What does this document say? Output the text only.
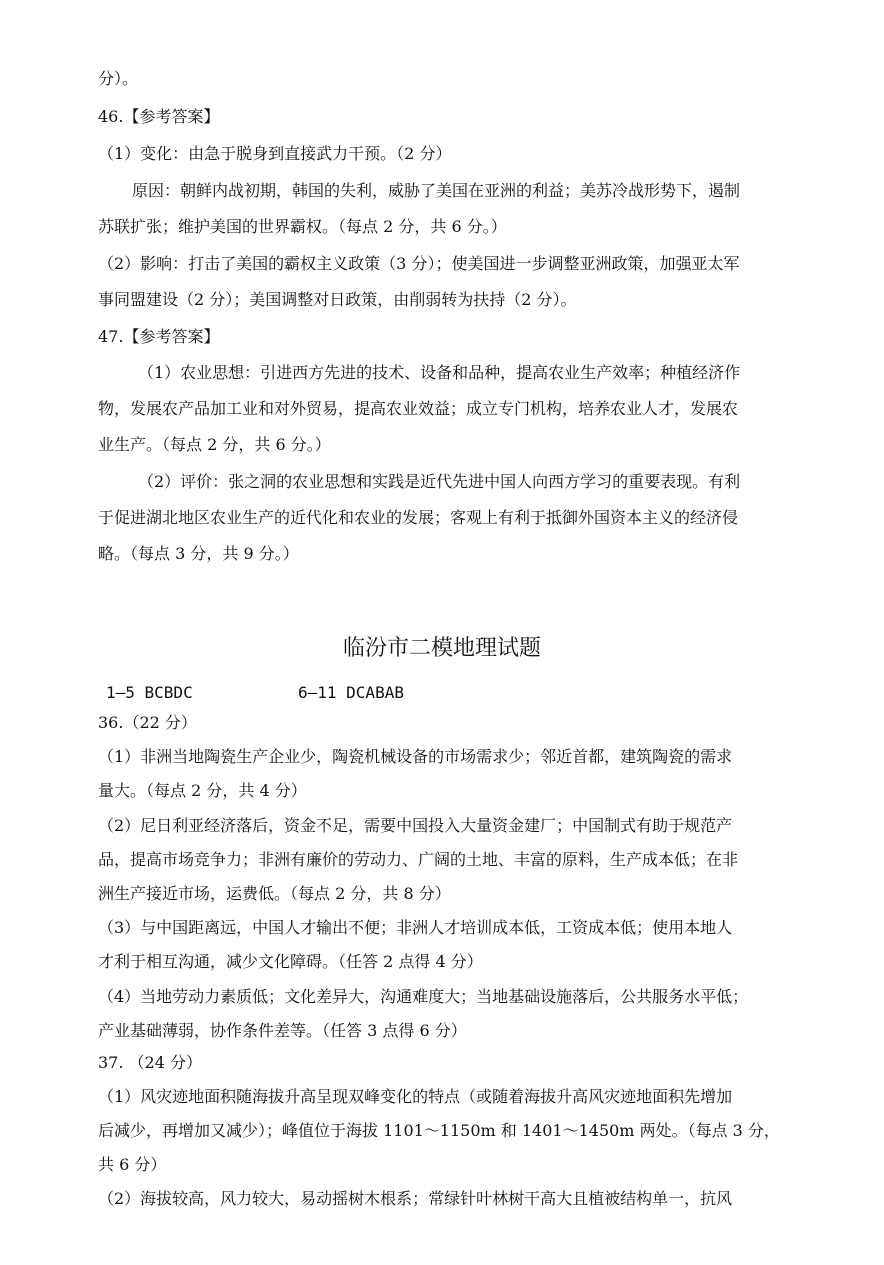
分）。
46.【参考答案】
（1）变化：由急于脱身到直接武力干预。（2 分）
原因：朝鲜内战初期，韩国的失利，威胁了美国在亚洲的利益；美苏冷战形势下，遏制
苏联扩张；维护美国的世界霸权。（每点 2 分，共 6 分。）
（2）影响：打击了美国的霸权主义政策（3 分）；使美国进一步调整亚洲政策，加强亚太军
事同盟建设（2 分）；美国调整对日政策，由削弱转为扶持（2 分）。
47.【参考答案】
（1）农业思想：引进西方先进的技术、设备和品种，提高农业生产效率；种植经济作
物，发展农产品加工业和对外贸易，提高农业效益；成立专门机构，培养农业人才，发展农
业生产。（每点 2 分，共 6 分。）
（2）评价：张之洞的农业思想和实践是近代先进中国人向西方学习的重要表现。有利
于促进湖北地区农业生产的近代化和农业的发展；客观上有利于抵御外国资本主义的经济侵
略。（每点 3 分，共 9 分。）
临汾市二模地理试题
1—5 BCBDC	6—11 DCABAB
36.（22 分）
（1）非洲当地陶瓷生产企业少，陶瓷机械设备的市场需求少；邻近首都，建筑陶瓷的需求
量大。（每点 2 分，共 4 分）
（2）尼日利亚经济落后，资金不足，需要中国投入大量资金建厂；中国制式有助于规范产
品，提高市场竞争力；非洲有廉价的劳动力、广阔的土地、丰富的原料，生产成本低；在非
洲生产接近市场，运费低。（每点 2 分，共 8 分）
（3）与中国距离远，中国人才输出不便；非洲人才培训成本低，工资成本低；使用本地人
才利于相互沟通，减少文化障碍。（任答 2 点得 4 分）
（4）当地劳动力素质低；文化差异大，沟通难度大；当地基础设施落后，公共服务水平低；
产业基础薄弱，协作条件差等。（任答 3 点得 6 分）
37. （24 分）
（1）风灾迹地面积随海拔升高呈现双峰变化的特点（或随着海拔升高风灾迹地面积先增加
后减少，再增加又减少）；峰值位于海拔 1101～1150m 和 1401～1450m 两处。（每点 3 分，
共 6 分）
（2）海拔较高，风力较大，易动摇树木根系；常绿针叶林树干高大且植被结构单一，抗风
